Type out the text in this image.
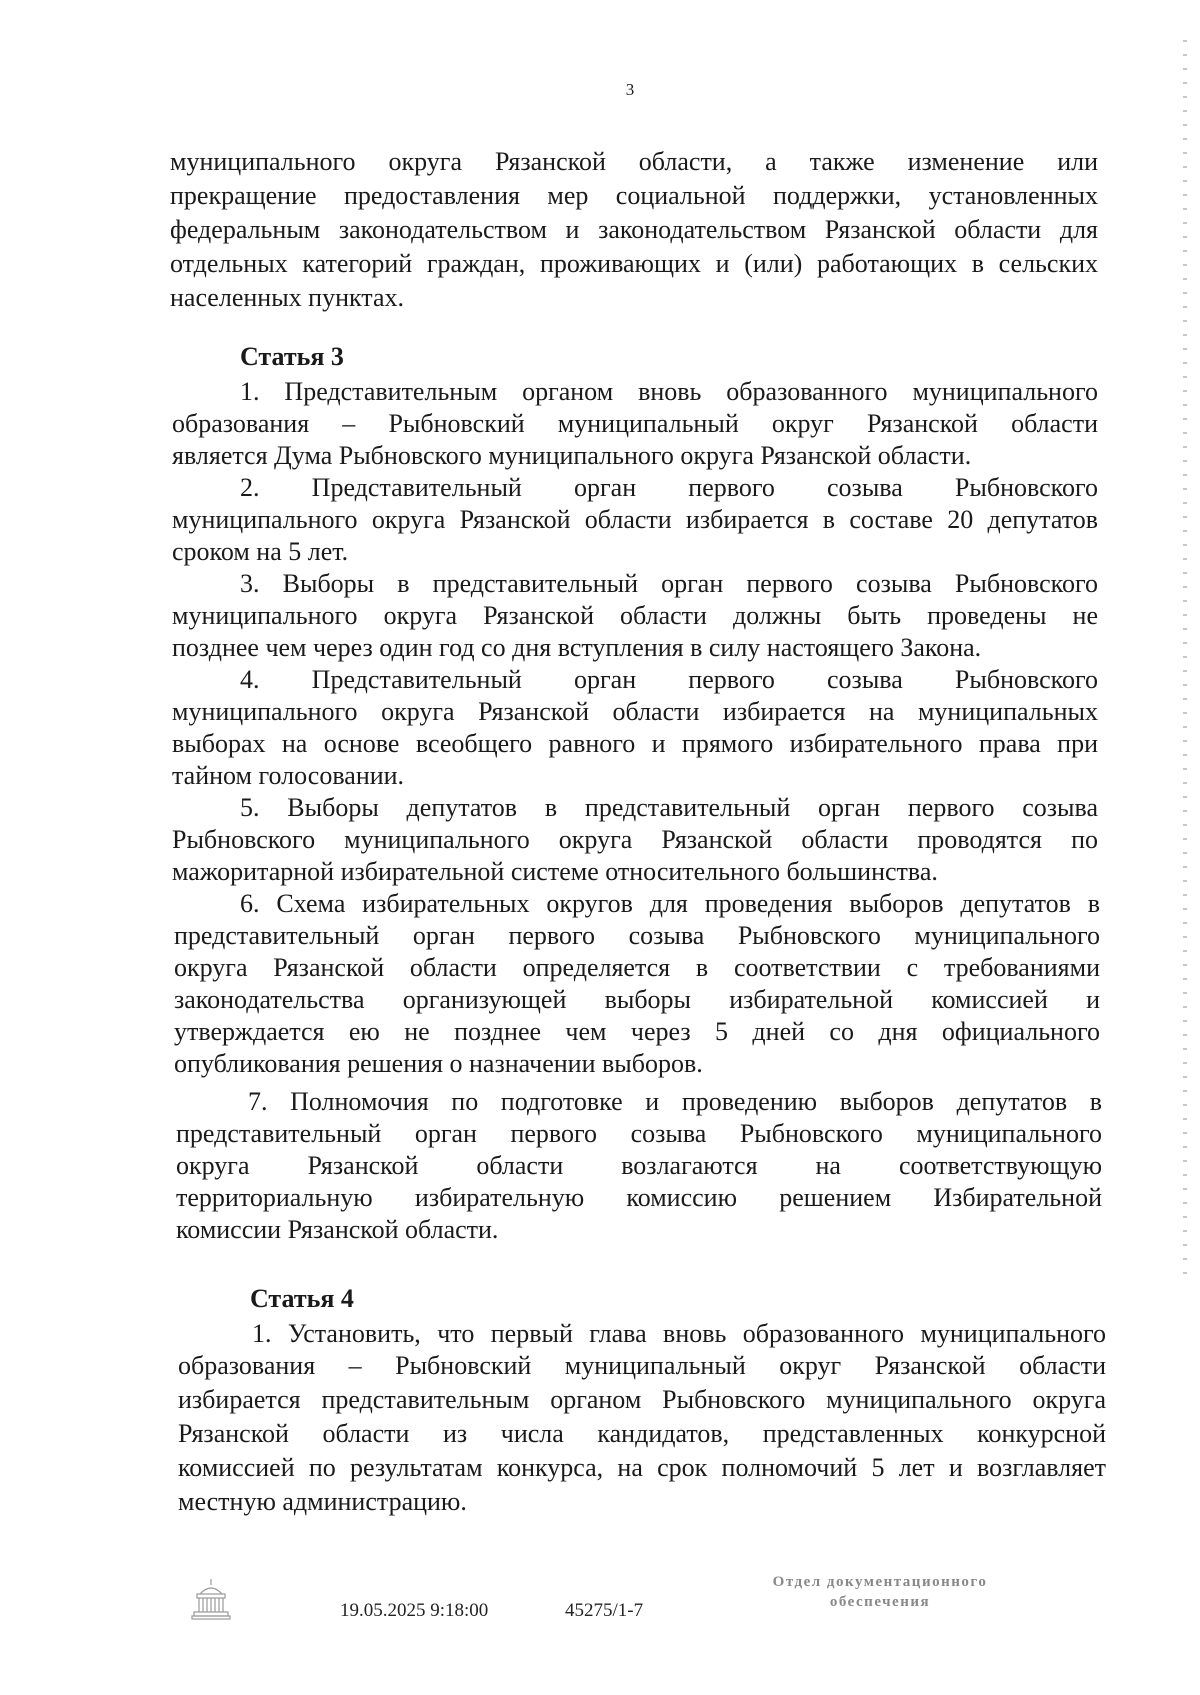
3
муниципального округа Рязанской области, а также изменение или
прекращение предоставления мер социальной поддержки, установленных
федеральным законодательством и законодательством Рязанской области для
отдельных категорий граждан, проживающих и (или) работающих в сельских
населенных пунктах.
Статья 3
1. Представительным органом вновь образованного муниципального
образования – Рыбновский муниципальный округ Рязанской области
является Дума Рыбновского муниципального округа Рязанской области.
2. Представительный орган первого созыва Рыбновского
муниципального округа Рязанской области избирается в составе 20 депутатов
сроком на 5 лет.
3. Выборы в представительный орган первого созыва Рыбновского
муниципального округа Рязанской области должны быть проведены не
позднее чем через один год со дня вступления в силу настоящего Закона.
4. Представительный орган первого созыва Рыбновского
муниципального округа Рязанской области избирается на муниципальных
выборах на основе всеобщего равного и прямого избирательного права при
тайном голосовании.
5. Выборы депутатов в представительный орган первого созыва
Рыбновского муниципального округа Рязанской области проводятся по
мажоритарной избирательной системе относительного большинства.
6. Схема избирательных округов для проведения выборов депутатов в
представительный орган первого созыва Рыбновского муниципального
округа Рязанской области определяется в соответствии с требованиями
законодательства организующей выборы избирательной комиссией и
утверждается ею не позднее чем через 5 дней со дня официального
опубликования решения о назначении выборов.
7. Полномочия по подготовке и проведению выборов депутатов в
представительный орган первого созыва Рыбновского муниципального
округа Рязанской области возлагаются на соответствующую
территориальную избирательную комиссию решением Избирательной
комиссии Рязанской области.
Статья 4
1. Установить, что первый глава вновь образованного муниципального
образования – Рыбновский муниципальный округ Рязанской области
избирается представительным органом Рыбновского муниципального округа
Рязанской области из числа кандидатов, представленных конкурсной
комиссией по результатам конкурса, на срок полномочий 5 лет и возглавляет
местную администрацию.
19.05.2025 9:18:00	45275/1-7
Отдел документационного
обеспечения
